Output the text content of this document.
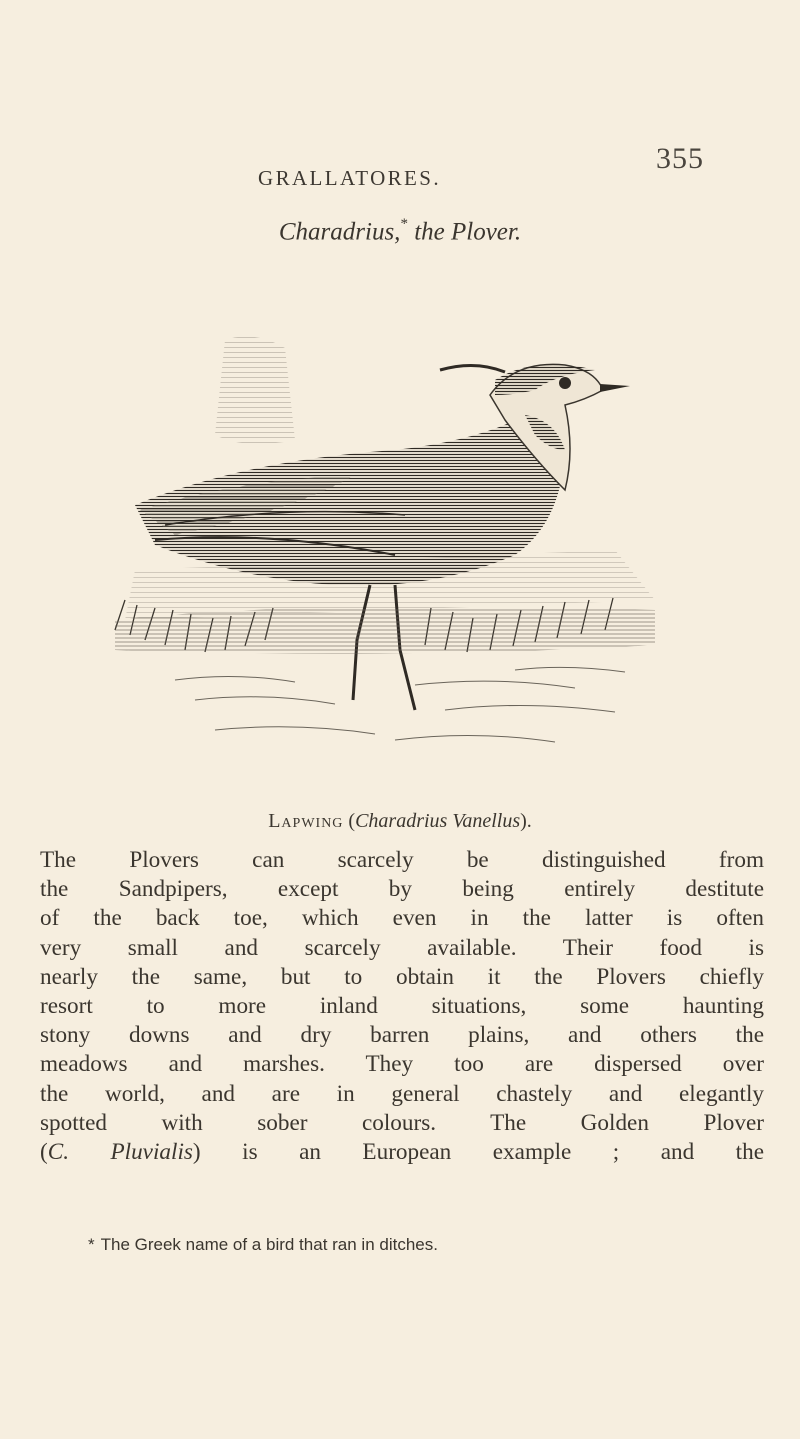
GRALLATORES.
355
Charadrius,* the Plover.
Lapwing (Charadrius Vanellus).
The Plovers can scarcely be distinguished from
the Sandpipers, except by being entirely destitute
of the back toe, which even in the latter is often
very small and scarcely available. Their food is
nearly the same, but to obtain it the Plovers chiefly
resort to more inland situations, some haunting
stony downs and dry barren plains, and others the
meadows and marshes. They too are dispersed over
the world, and are in general chastely and elegantly
spotted with sober colours. The Golden Plover
(C. Pluvialis) is an European example ; and the
* The Greek name of a bird that ran in ditches.
